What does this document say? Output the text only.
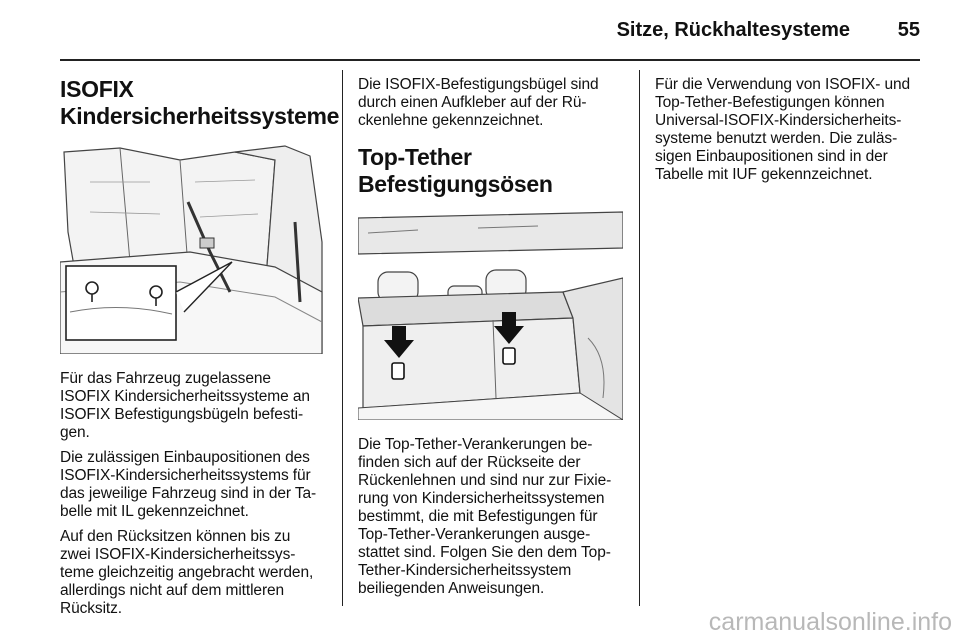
Sitze, Rückhaltesysteme	55
ISOFIX
Kindersicherheitssysteme

Für das Fahrzeug zugelassene ISOFIX Kindersicherheitssysteme an ISOFIX Befestigungsbügeln befesti-gen.

Die zulässigen Einbaupositionen des ISOFIX-Kindersicherheitssystems für das jeweilige Fahrzeug sind in der Ta-belle mit IL gekennzeichnet.

Auf den Rücksitzen können bis zu zwei ISOFIX-Kindersicherheitssys-teme gleichzeitig angebracht werden, allerdings nicht auf dem mittleren Rücksitz.

Die ISOFIX-Befestigungsbügel sind durch einen Aufkleber auf der Rü-ckenlehne gekennzeichnet.

Top-Tether
Befestigungsösen

Die Top-Tether-Verankerungen be-finden sich auf der Rückseite der Rückenlehnen und sind nur zur Fixie-rung von Kindersicherheitssystemen bestimmt, die mit Befestigungen für Top-Tether-Verankerungen ausge-stattet sind. Folgen Sie den dem Top-Tether-Kindersicherheitssystem beiliegenden Anweisungen.

Für die Verwendung von ISOFIX- und Top-Tether-Befestigungen können Universal-ISOFIX-Kindersicherheits-systeme benutzt werden. Die zuläs-sigen Einbaupositionen sind in der Tabelle mit IUF gekennzeichnet.

carmanualsonline.info
